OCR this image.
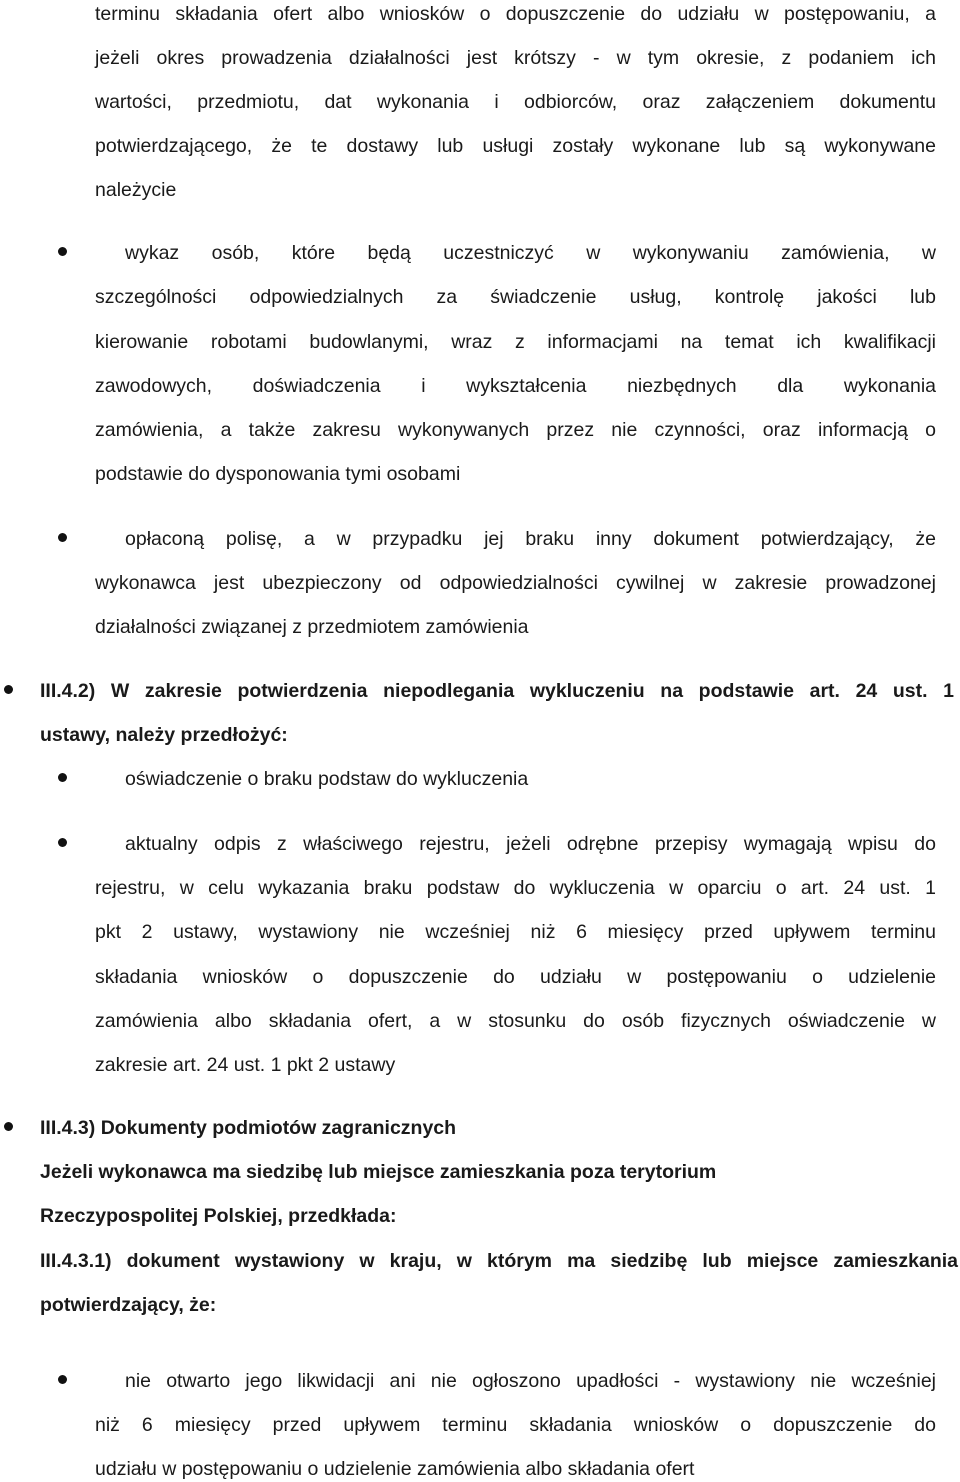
terminu składania ofert albo wniosków o dopuszczenie do udziału w postępowaniu, a
jeżeli okres prowadzenia działalności jest krótszy - w tym okresie, z podaniem ich
wartości, przedmiotu, dat wykonania i odbiorców, oraz załączeniem dokumentu
potwierdzającego, że te dostawy lub usługi zostały wykonane lub są wykonywane
należycie
wykaz osób, które będą uczestniczyć w wykonywaniu zamówienia, w
szczególności odpowiedzialnych za świadczenie usług, kontrolę jakości lub
kierowanie robotami budowlanymi, wraz z informacjami na temat ich kwalifikacji
zawodowych, doświadczenia i wykształcenia niezbędnych dla wykonania
zamówienia, a także zakresu wykonywanych przez nie czynności, oraz informacją o
podstawie do dysponowania tymi osobami
opłaconą polisę, a w przypadku jej braku inny dokument potwierdzający, że
wykonawca jest ubezpieczony od odpowiedzialności cywilnej w zakresie prowadzonej
działalności związanej z przedmiotem zamówienia
III.4.2) W zakresie potwierdzenia niepodlegania wykluczeniu na podstawie art. 24 ust. 1
ustawy, należy przedłożyć:
oświadczenie o braku podstaw do wykluczenia
aktualny odpis z właściwego rejestru, jeżeli odrębne przepisy wymagają wpisu do
rejestru, w celu wykazania braku podstaw do wykluczenia w oparciu o art. 24 ust. 1
pkt 2 ustawy, wystawiony nie wcześniej niż 6 miesięcy przed upływem terminu
składania wniosków o dopuszczenie do udziału w postępowaniu o udzielenie
zamówienia albo składania ofert, a w stosunku do osób fizycznych oświadczenie w
zakresie art. 24 ust. 1 pkt 2 ustawy
III.4.3) Dokumenty podmiotów zagranicznych
Jeżeli wykonawca ma siedzibę lub miejsce zamieszkania poza terytorium
Rzeczypospolitej Polskiej, przedkłada:
III.4.3.1) dokument wystawiony w kraju, w którym ma siedzibę lub miejsce zamieszkania
potwierdzający, że:
nie otwarto jego likwidacji ani nie ogłoszono upadłości - wystawiony nie wcześniej
niż 6 miesięcy przed upływem terminu składania wniosków o dopuszczenie do
udziału w postępowaniu o udzielenie zamówienia albo składania ofert
